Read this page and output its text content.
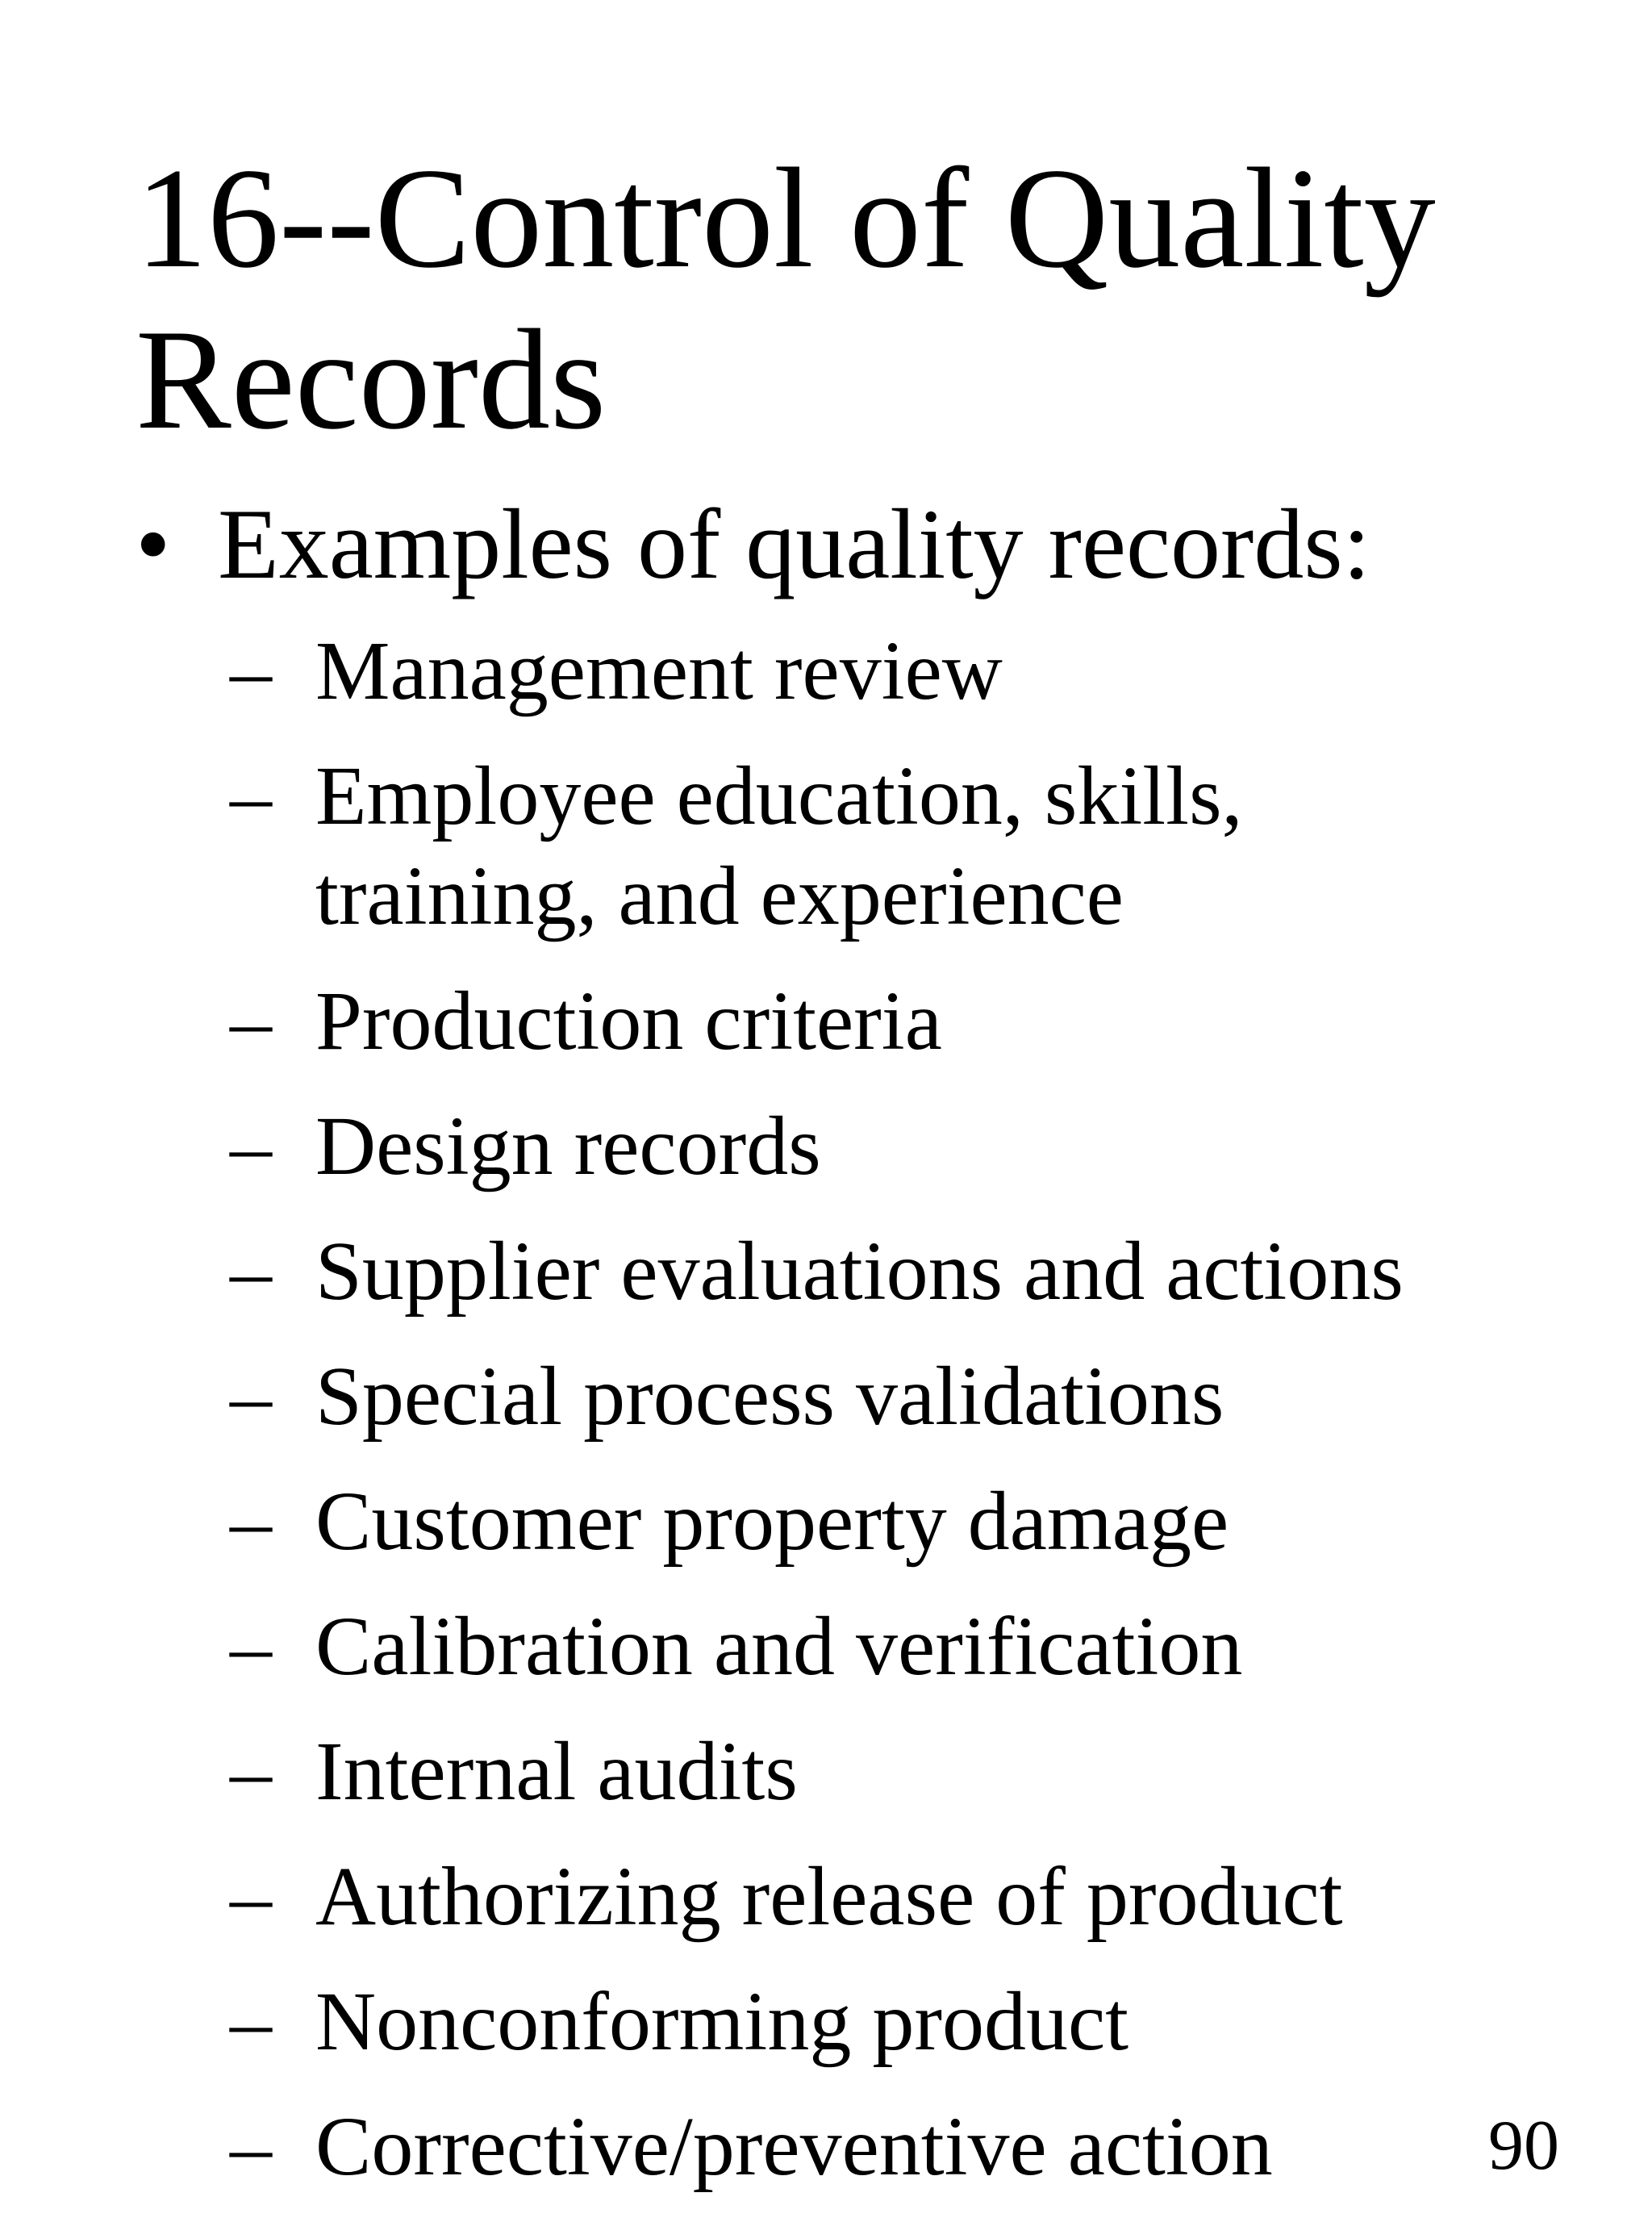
16--Control of Quality Records
• Examples of quality records:
– Management review
– Employee education, skills, training, and experience
– Production criteria
– Design records
– Supplier evaluations and actions
– Special process validations
– Customer property damage
– Calibration and verification
– Internal audits
– Authorizing release of product
– Nonconforming product
– Corrective/preventive action	90
